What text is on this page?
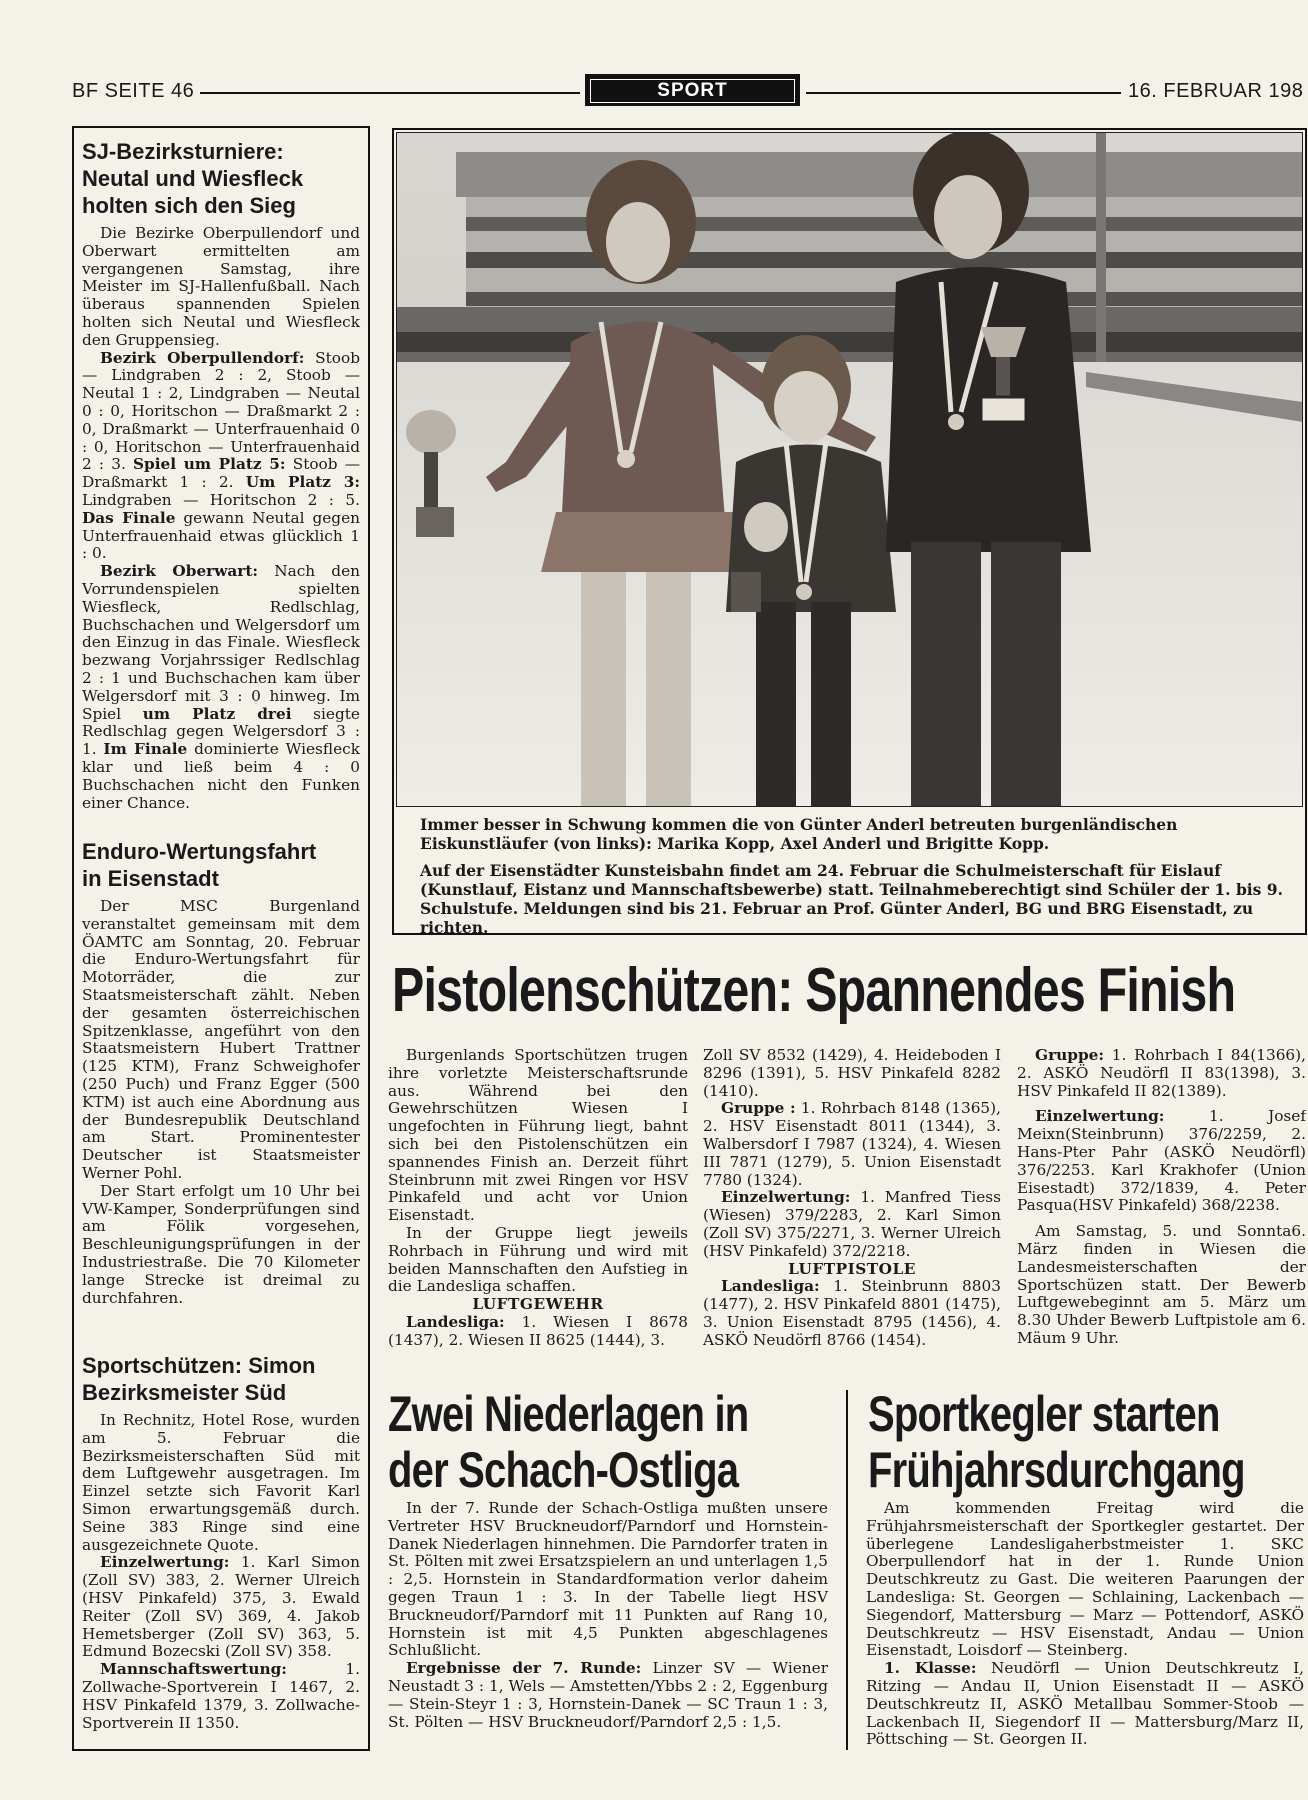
BF SEITE 46	SPORT	16. FEBRUAR 198
SJ-Bezirksturniere:
Neutal und Wiesfleck
holten sich den Sieg

Die Bezirke Oberpullendorf und Oberwart ermittelten am vergangenen Samstag, ihre Meister im SJ-Hallenfußball. Nach überaus spannenden Spielen holten sich Neutal und Wiesfleck den Gruppensieg.

Bezirk Oberpullendorf: Stoob — Lindgraben 2 : 2, Stoob — Neutal 1 : 2, Lindgraben — Neutal 0 : 0, Horitschon — Draßmarkt 2 : 0, Draßmarkt — Unterfrauenhaid 0 : 0, Horitschon — Unterfrauenhaid 2 : 3. Spiel um Platz 5: Stoob — Draßmarkt 1 : 2. Um Platz 3: Lindgraben — Horitschon 2 : 5. Das Finale gewann Neutal gegen Unterfrauenhaid etwas glücklich 1 : 0.

Bezirk Oberwart: Nach den Vorrundenspielen spielten Wiesfleck, Redlschlag, Buchschachen und Welgersdorf um den Einzug in das Finale. Wiesfleck bezwang Vorjahrssiger Redlschlag 2 : 1 und Buchschachen kam über Welgersdorf mit 3 : 0 hinweg. Im Spiel um Platz drei siegte Redlschlag gegen Welgersdorf 3 : 1. Im Finale dominierte Wiesfleck klar und ließ beim 4 : 0 Buchschachen nicht den Funken einer Chance.

Enduro-Wertungsfahrt
in Eisenstadt

Der MSC Burgenland veranstaltet gemeinsam mit dem ÖAMTC am Sonntag, 20. Februar die Enduro-Wertungsfahrt für Motorräder, die zur Staatsmeisterschaft zählt. Neben der gesamten österreichischen Spitzenklasse, angeführt von den Staatsmeistern Hubert Trattner (125 KTM), Franz Schweighofer (250 Puch) und Franz Egger (500 KTM) ist auch eine Abordnung aus der Bundesrepublik Deutschland am Start. Prominentester Deutscher ist Staatsmeister Werner Pohl.

Der Start erfolgt um 10 Uhr bei VW-Kamper, Sonderprüfungen sind am Fölik vorgesehen, Beschleunigungsprüfungen in der Industriestraße. Die 70 Kilometer lange Strecke ist dreimal zu durchfahren.

Sportschützen: Simon
Bezirksmeister Süd

In Rechnitz, Hotel Rose, wurden am 5. Februar die Bezirksmeisterschaften Süd mit dem Luftgewehr ausgetragen. Im Einzel setzte sich Favorit Karl Simon erwartungsgemäß durch. Seine 383 Ringe sind eine ausgezeichnete Quote.

Einzelwertung: 1. Karl Simon (Zoll SV) 383, 2. Werner Ulreich (HSV Pinkafeld) 375, 3. Ewald Reiter (Zoll SV) 369, 4. Jakob Hemetsberger (Zoll SV) 363, 5. Edmund Bozecski (Zoll SV) 358.

Mannschaftswertung: 1. Zollwache-Sportverein I 1467, 2. HSV Pinkafeld 1379, 3. Zollwache-Sportverein II 1350.

Immer besser in Schwung kommen die von Günter Anderl betreuten burgenländischen Eiskunstläufer (von links): Marika Kopp, Axel Anderl und Brigitte Kopp.

Auf der Eisenstädter Kunsteisbahn findet am 24. Februar die Schulmeisterschaft für Eislauf (Kunstlauf, Eistanz und Mannschaftsbewerbe) statt. Teilnahmeberechtigt sind Schüler der 1. bis 9. Schulstufe. Meldungen sind bis 21. Februar an Prof. Günter Anderl, BG und BRG Eisenstadt, zu richten.

Pistolenschützen: Spannendes Finish

Burgenlands Sportschützen trugen ihre vorletzte Meisterschaftsrunde aus. Während bei den Gewehrschützen Wiesen I ungefochten in Führung liegt, bahnt sich bei den Pistolenschützen ein spannendes Finish an. Derzeit führt Steinbrunn mit zwei Ringen vor HSV Pinkafeld und acht vor Union Eisenstadt.

In der Gruppe liegt jeweils Rohrbach in Führung und wird mit beiden Mannschaften den Aufstieg in die Landesliga schaffen.

LUFTGEWEHR

Landesliga: 1. Wiesen I 8678 (1437), 2. Wiesen II 8625 (1444), 3.

Zoll SV 8532 (1429), 4. Heideboden I 8296 (1391), 5. HSV Pinkafeld 8282 (1410).

Gruppe : 1. Rohrbach 8148 (1365), 2. HSV Eisenstadt 8011 (1344), 3. Walbersdorf I 7987 (1324), 4. Wiesen III 7871 (1279), 5. Union Eisenstadt 7780 (1324).

Einzelwertung: 1. Manfred Tiess (Wiesen) 379/2283, 2. Karl Simon (Zoll SV) 375/2271, 3. Werner Ulreich (HSV Pinkafeld) 372/2218.

LUFTPISTOLE

Landesliga: 1. Steinbrunn 8803 (1477), 2. HSV Pinkafeld 8801 (1475), 3. Union Eisenstadt 8795 (1456), 4. ASKÖ Neudörfl 8766 (1454).

Gruppe: 1. Rohrbach I 84(1366), 2. ASKÖ Neudörfl II 83(1398), 3. HSV Pinkafeld II 82(1389).

Einzelwertung: 1. Josef Meixn(Steinbrunn) 376/2259, 2. Hans-Pter Pahr (ASKÖ Neudörfl) 376/2253. Karl Krakhofer (Union Eisestadt) 372/1839, 4. Peter Pasqua(HSV Pinkafeld) 368/2238.

Am Samstag, 5. und Sonnta6. März finden in Wiesen die Landesmeisterschaften der Sportschüzen statt. Der Bewerb Luftgewebeginnt am 5. März um 8.30 Uhder Bewerb Luftpistole am 6. Mäum 9 Uhr.

Zwei Niederlagen in
der Schach-Ostliga

In der 7. Runde der Schach-Ostliga mußten unsere Vertreter HSV Bruckneudorf/Parndorf und Hornstein-Danek Niederlagen hinnehmen. Die Parndorfer traten in St. Pölten mit zwei Ersatzspielern an und unterlagen 1,5 : 2,5. Hornstein in Standardformation verlor daheim gegen Traun 1 : 3. In der Tabelle liegt HSV Bruckneudorf/Parndorf mit 11 Punkten auf Rang 10, Hornstein ist mit 4,5 Punkten abgeschlagenes Schlußlicht.

Ergebnisse der 7. Runde: Linzer SV — Wiener Neustadt 3 : 1, Wels — Amstetten/Ybbs 2 : 2, Eggenburg — Stein-Steyr 1 : 3, Hornstein-Danek — SC Traun 1 : 3, St. Pölten — HSV Bruckneudorf/Parndorf 2,5 : 1,5.

Sportkegler starten
Frühjahrsdurchgang

Am kommenden Freitag wird die Frühjahrsmeisterschaft der Sportkegler gestartet. Der überlegene Landesligaherbstmeister 1. SKC Oberpullendorf hat in der 1. Runde Union Deutschkreutz zu Gast. Die weiteren Paarungen der Landesliga: St. Georgen — Schlaining, Lackenbach — Siegendorf, Mattersburg — Marz — Pottendorf, ASKÖ Deutschkreutz — HSV Eisenstadt, Andau — Union Eisenstadt, Loisdorf — Steinberg.

1. Klasse: Neudörfl — Union Deutschkreutz I, Ritzing — Andau II, Union Eisenstadt II — ASKÖ Deutschkreutz II, ASKÖ Metallbau Sommer-Stoob — Lackenbach II, Siegendorf II — Mattersburg/Marz II, Pöttsching — St. Georgen II.
